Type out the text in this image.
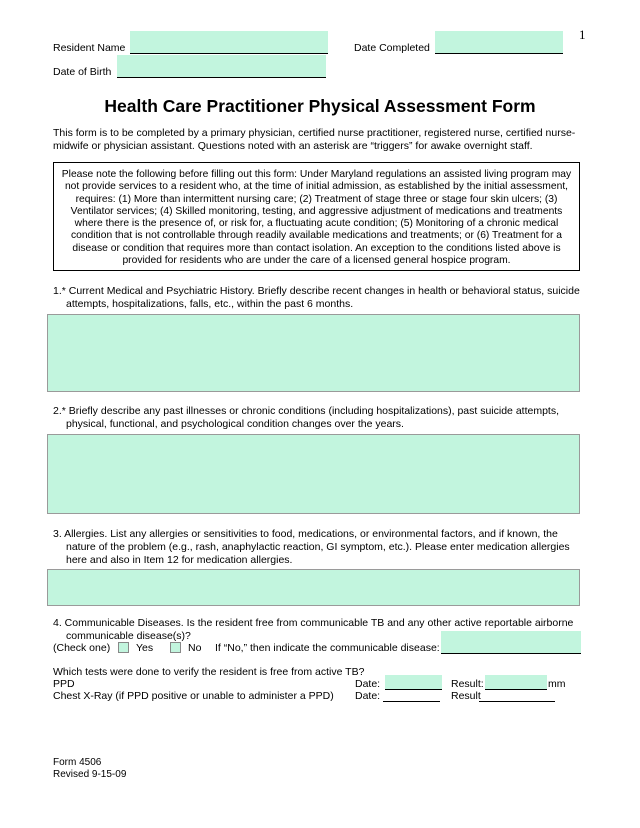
1
Resident Name	Date Completed
Date of Birth
Health Care Practitioner Physical Assessment Form
This form is to be completed by a primary physician, certified nurse practitioner, registered nurse, certified nurse-
midwife or physician assistant. Questions noted with an asterisk are “triggers” for awake overnight staff.
Please note the following before filling out this form: Under Maryland regulations an assisted living program may
not provide services to a resident who, at the time of initial admission, as established by the initial assessment,
requires: (1) More than intermittent nursing care; (2) Treatment of stage three or stage four skin ulcers; (3)
Ventilator services; (4) Skilled monitoring, testing, and aggressive adjustment of medications and treatments
where there is the presence of, or risk for, a fluctuating acute condition; (5) Monitoring of a chronic medical
condition that is not controllable through readily available medications and treatments; or (6) Treatment for a
disease or condition that requires more than contact isolation. An exception to the conditions listed above is
provided for residents who are under the care of a licensed general hospice program.
1.* Current Medical and Psychiatric History. Briefly describe recent changes in health or behavioral status, suicide
attempts, hospitalizations, falls, etc., within the past 6 months.
2.* Briefly describe any past illnesses or chronic conditions (including hospitalizations), past suicide attempts,
physical, functional, and psychological condition changes over the years.
3. Allergies. List any allergies or sensitivities to food, medications, or environmental factors, and if known, the
nature of the problem (e.g., rash, anaphylactic reaction, GI symptom, etc.). Please enter medication allergies
here and also in Item 12 for medication allergies.
4. Communicable Diseases. Is the resident free from communicable TB and any other active reportable airborne
communicable disease(s)?
(Check one) Yes	No If “No,” then indicate the communicable disease:
Which tests were done to verify the resident is free from active TB?
PPD	Date:	Result:	mm
Chest X-Ray (if PPD positive or unable to administer a PPD) Date:	Result
Form 4506
Revised 9-15-09
